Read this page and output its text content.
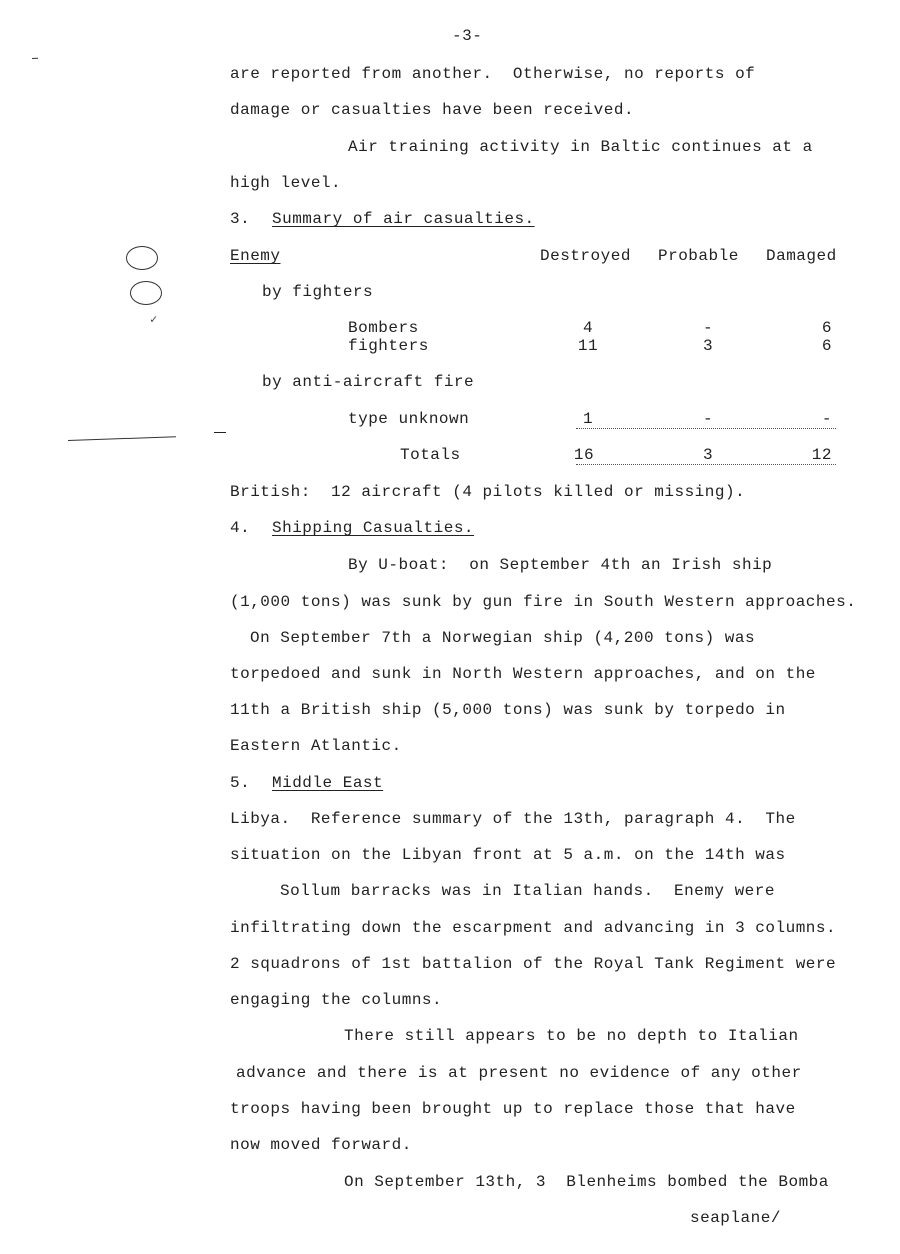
-3-
✓
are reported from another.  Otherwise, no reports of
damage or casualties have been received.
Air training activity in Baltic continues at a
high level.
3. Summary of air casualties.
Enemy	Destroyed Probable Damaged
by fighters
Bombers	4	-	6
fighters	11	3	6
by anti-aircraft fire
type unknown	1	-	-
Totals	16	3	12
British:  12 aircraft (4 pilots killed or missing).
4. Shipping Casualties.
By U-boat:  on September 4th an Irish ship
(1,000 tons) was sunk by gun fire in South Western approaches.
On September 7th a Norwegian ship (4,200 tons) was
torpedoed and sunk in North Western approaches, and on the
11th a British ship (5,000 tons) was sunk by torpedo in
Eastern Atlantic.
5. Middle East
Libya.  Reference summary of the 13th, paragraph 4.  The
situation on the Libyan front at 5 a.m. on the 14th was
Sollum barracks was in Italian hands.  Enemy were
infiltrating down the escarpment and advancing in 3 columns.
2 squadrons of 1st battalion of the Royal Tank Regiment were
engaging the columns.
There still appears to be no depth to Italian
advance and there is at present no evidence of any other
troops having been brought up to replace those that have
now moved forward.
On September 13th, 3  Blenheims bombed the Bomba
seaplane/
